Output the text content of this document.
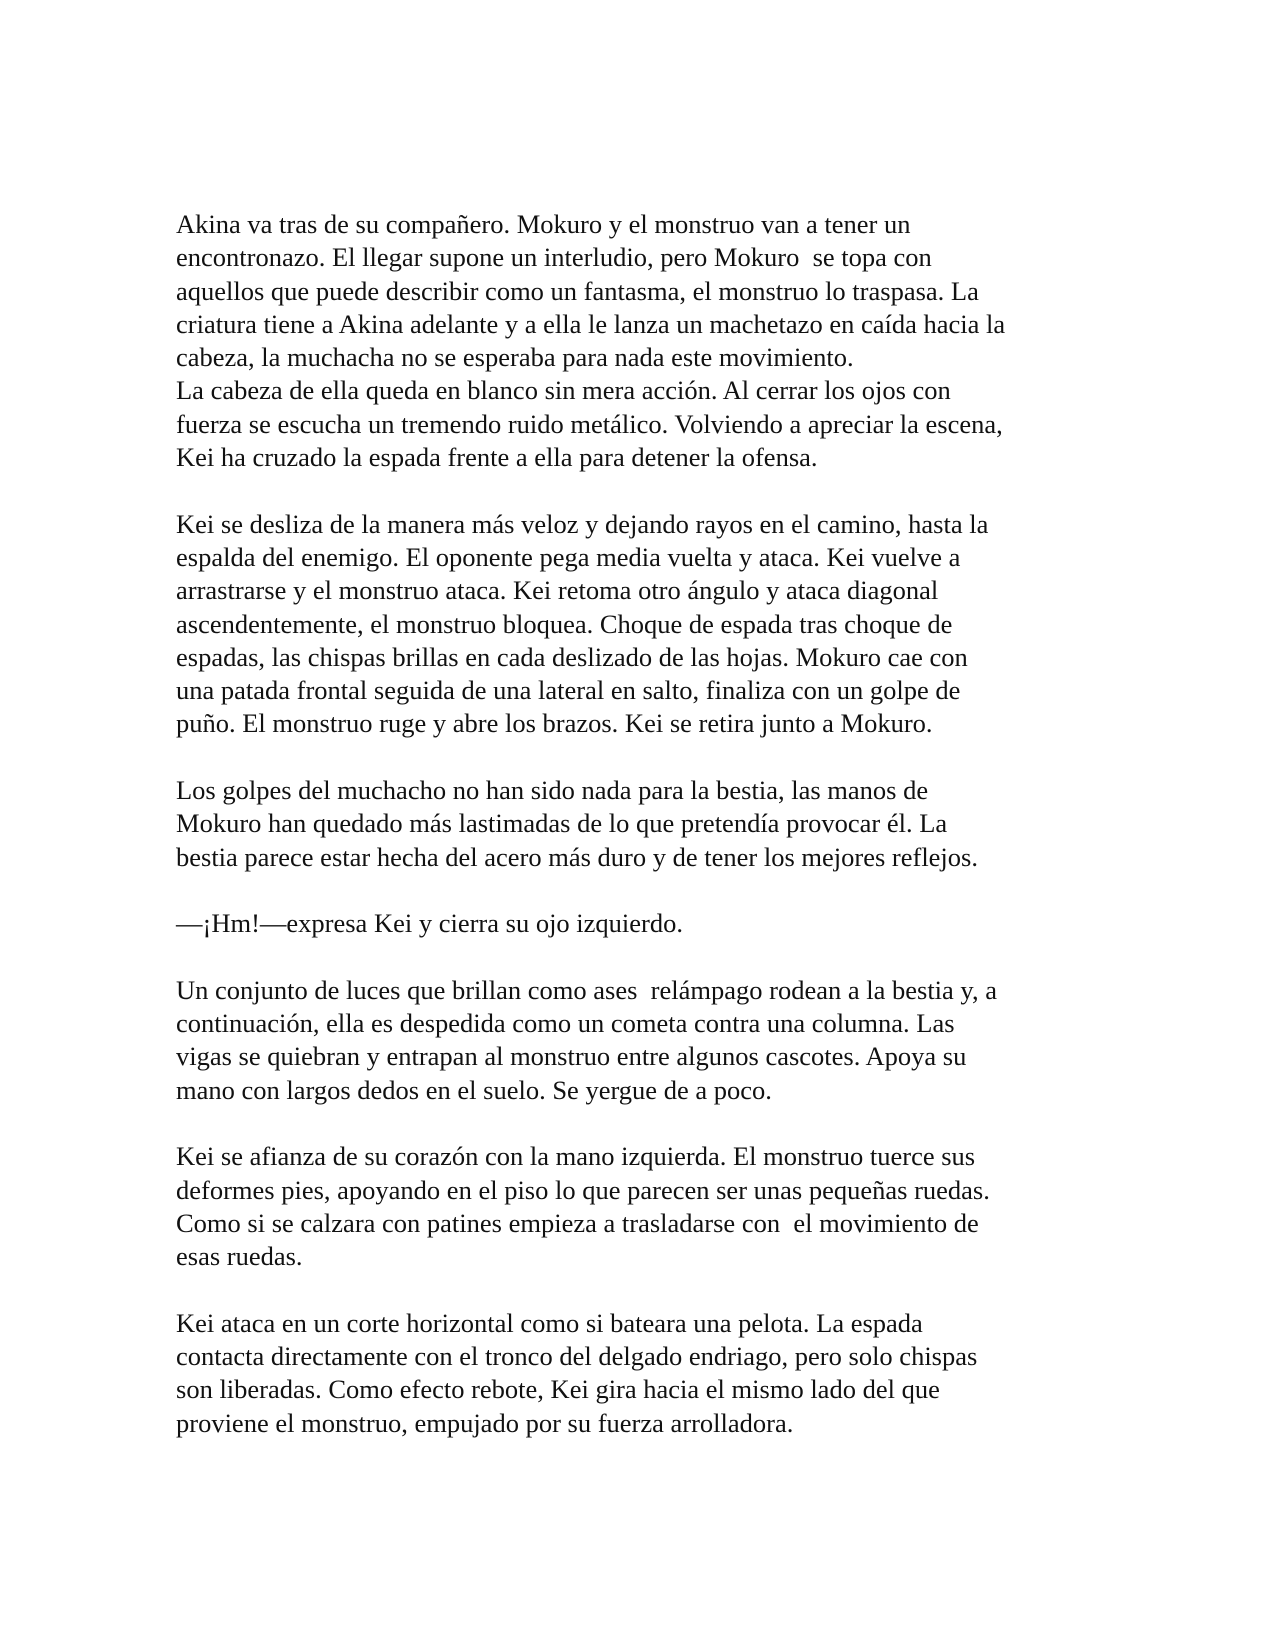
Akina va tras de su compañero. Mokuro y el monstruo van a tener un
encontronazo. El llegar supone un interludio, pero Mokuro  se topa con
aquellos que puede describir como un fantasma, el monstruo lo traspasa. La
criatura tiene a Akina adelante y a ella le lanza un machetazo en caída hacia la
cabeza, la muchacha no se esperaba para nada este movimiento.
La cabeza de ella queda en blanco sin mera acción. Al cerrar los ojos con
fuerza se escucha un tremendo ruido metálico. Volviendo a apreciar la escena,
Kei ha cruzado la espada frente a ella para detener la ofensa.

Kei se desliza de la manera más veloz y dejando rayos en el camino, hasta la
espalda del enemigo. El oponente pega media vuelta y ataca. Kei vuelve a
arrastrarse y el monstruo ataca. Kei retoma otro ángulo y ataca diagonal
ascendentemente, el monstruo bloquea. Choque de espada tras choque de
espadas, las chispas brillas en cada deslizado de las hojas. Mokuro cae con
una patada frontal seguida de una lateral en salto, finaliza con un golpe de
puño. El monstruo ruge y abre los brazos. Kei se retira junto a Mokuro.

Los golpes del muchacho no han sido nada para la bestia, las manos de
Mokuro han quedado más lastimadas de lo que pretendía provocar él. La
bestia parece estar hecha del acero más duro y de tener los mejores reflejos.

—¡Hm!—expresa Kei y cierra su ojo izquierdo.

Un conjunto de luces que brillan como ases  relámpago rodean a la bestia y, a
continuación, ella es despedida como un cometa contra una columna. Las
vigas se quiebran y entrapan al monstruo entre algunos cascotes. Apoya su
mano con largos dedos en el suelo. Se yergue de a poco.

Kei se afianza de su corazón con la mano izquierda. El monstruo tuerce sus
deformes pies, apoyando en el piso lo que parecen ser unas pequeñas ruedas.
Como si se calzara con patines empieza a trasladarse con  el movimiento de
esas ruedas.

Kei ataca en un corte horizontal como si bateara una pelota. La espada
contacta directamente con el tronco del delgado endriago, pero solo chispas
son liberadas. Como efecto rebote, Kei gira hacia el mismo lado del que
proviene el monstruo, empujado por su fuerza arrolladora.
